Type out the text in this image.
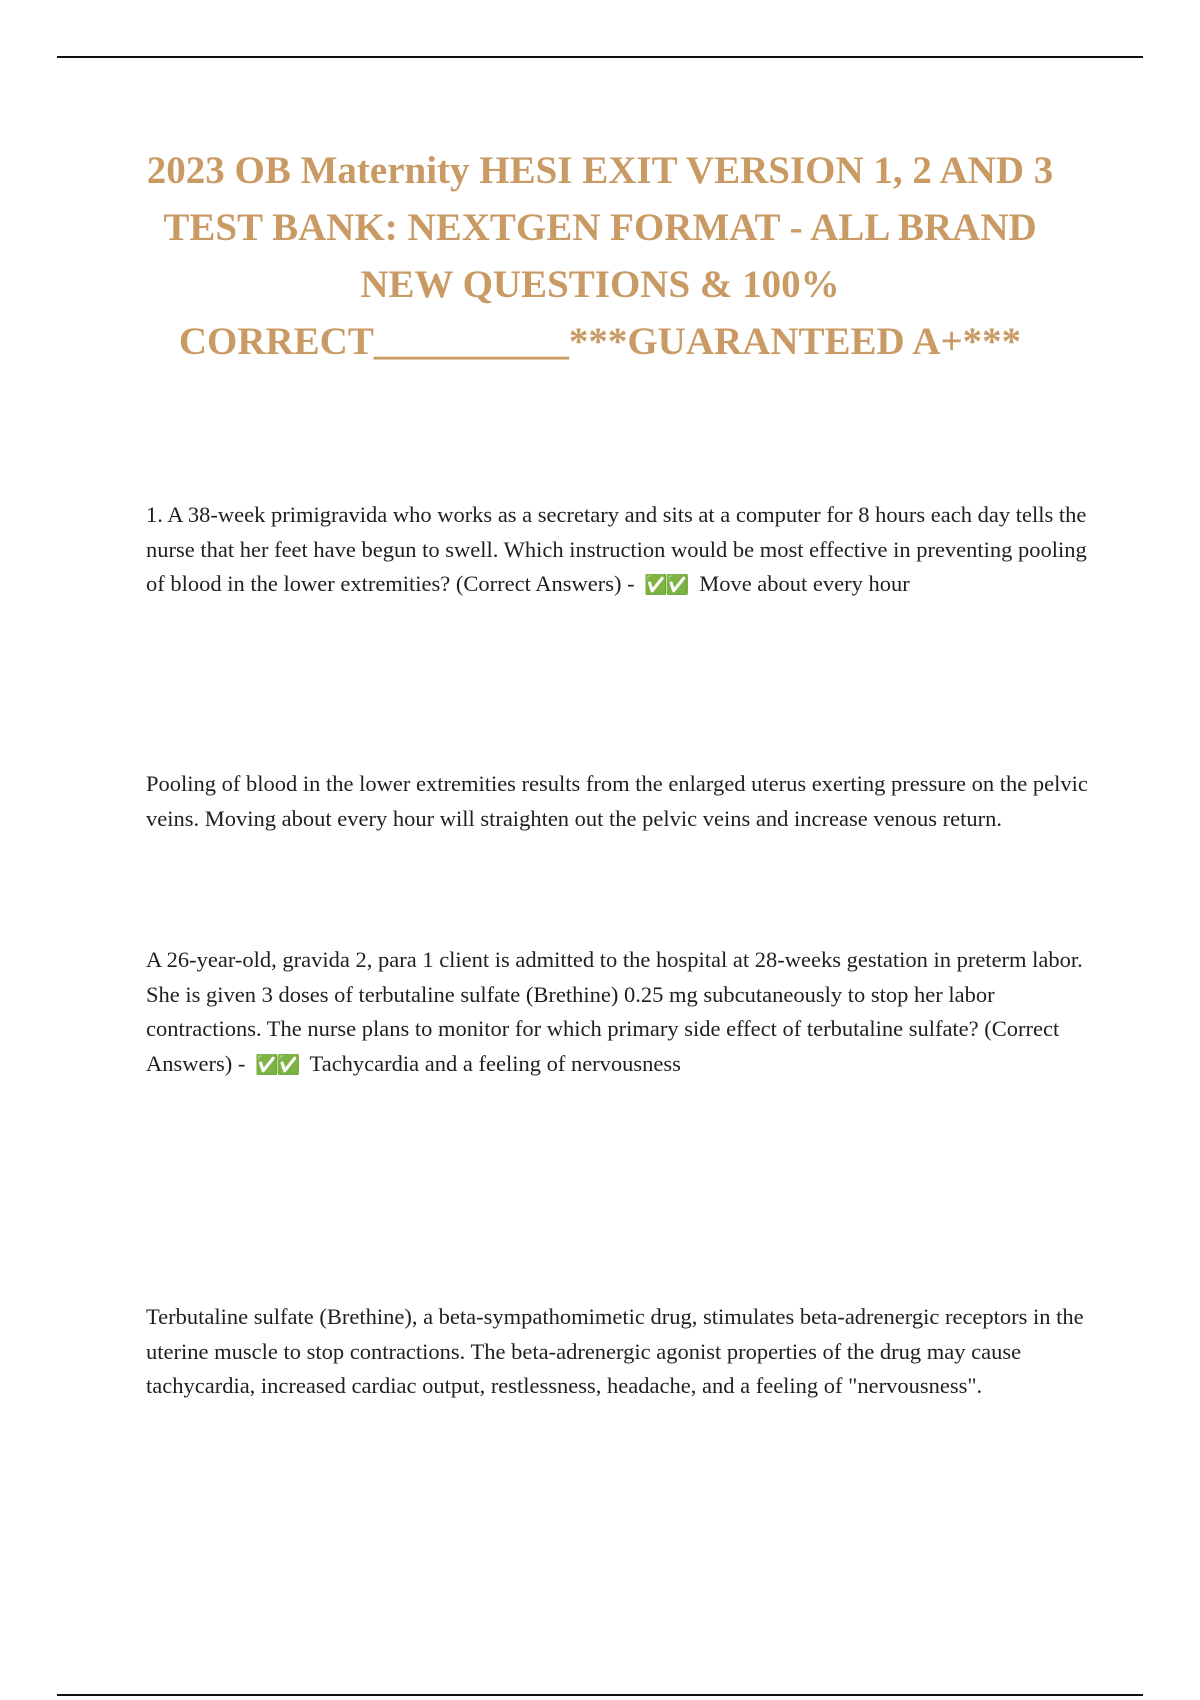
2023 OB Maternity HESI EXIT VERSION 1, 2 AND 3
TEST BANK: NEXTGEN FORMAT - ALL BRAND
NEW QUESTIONS & 100%
CORRECT__________***GUARANTEED A+***

1. A 38-week primigravida who works as a secretary and sits at a computer for 8 hours each day tells the nurse that her feet have begun to swell. Which instruction would be most effective in preventing pooling of blood in the lower extremities? (Correct Answers) - ✅✅ Move about every hour

Pooling of blood in the lower extremities results from the enlarged uterus exerting pressure on the pelvic veins. Moving about every hour will straighten out the pelvic veins and increase venous return.

A 26-year-old, gravida 2, para 1 client is admitted to the hospital at 28-weeks gestation in preterm labor. She is given 3 doses of terbutaline sulfate (Brethine) 0.25 mg subcutaneously to stop her labor contractions. The nurse plans to monitor for which primary side effect of terbutaline sulfate? (Correct Answers) - ✅✅ Tachycardia and a feeling of nervousness

Terbutaline sulfate (Brethine), a beta-sympathomimetic drug, stimulates beta-adrenergic receptors in the uterine muscle to stop contractions. The beta-adrenergic agonist properties of the drug may cause tachycardia, increased cardiac output, restlessness, headache, and a feeling of "nervousness".
